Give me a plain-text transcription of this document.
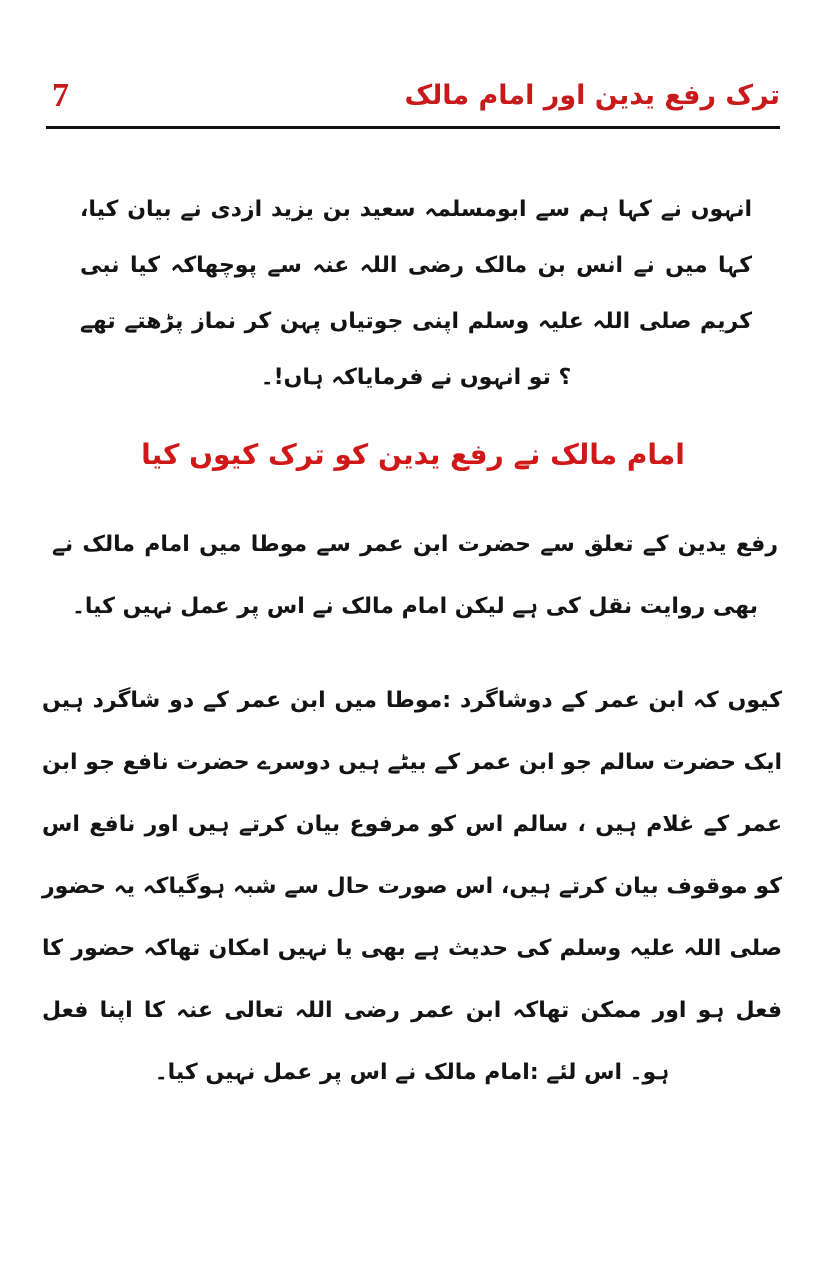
7	ترک رفع یدین اور امام مالک

انہوں نے کہا ہم سے ابومسلمہ سعید بن یزید ازدی نے بیان کیا، کہا میں نے انس بن مالک رضی اللہ عنہ سے پوچھاکہ کیا نبی کریم صلی اللہ علیہ وسلم اپنی جوتیاں پہن کر نماز پڑھتے تھے ؟ تو انہوں نے فرمایاکہ ہاں!۔

امام مالک نے رفع یدین کو ترک کیوں کیا

رفع یدین کے تعلق سے حضرت ابن عمر سے موطا میں امام مالک نے بھی روایت نقل کی ہے لیکن امام مالک نے اس پر عمل نہیں کیا۔

کیوں کہ ابن عمر کے دوشاگرد :موطا میں ابن عمر کے دو شاگرد ہیں ایک حضرت سالم جو ابن عمر کے بیٹے ہیں دوسرے حضرت نافع جو ابن عمر کے غلام ہیں ، سالم اس کو مرفوع بیان کرتے ہیں اور نافع اس کو موقوف بیان کرتے ہیں، اس صورت حال سے شبہ ہوگیاکہ یہ حضور صلی اللہ علیہ وسلم کی حدیث ہے بھی یا نہیں امکان تھاکہ حضور کا فعل ہو اور ممکن تھاکہ ابن عمر رضی اللہ تعالی عنہ کا اپنا فعل ہو۔ اس لئے :امام مالک نے اس پر عمل نہیں کیا۔
